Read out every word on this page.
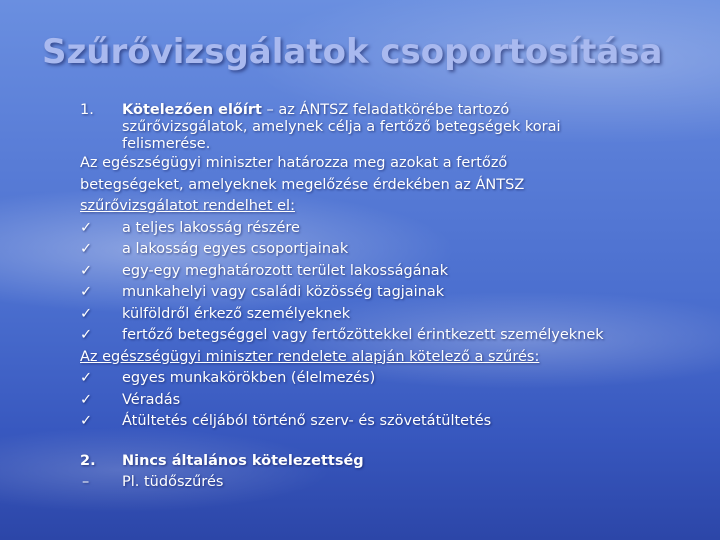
Szűrővizsgálatok csoportosítása
1.	Kötelezően előírt – az ÁNTSZ feladatkörébe tartozó
szűrővizsgálatok, amelynek célja a fertőző betegségek korai
felismerése.
Az egészségügyi miniszter határozza meg azokat a fertőző
betegségeket, amelyeknek megelőzése érdekében az ÁNTSZ
szűrővizsgálatot rendelhet el:
✓ a teljes lakosság részére
✓ a lakosság egyes csoportjainak
✓ egy-egy meghatározott terület lakosságának
✓ munkahelyi vagy családi közösség tagjainak
✓ külföldről érkező személyeknek
✓ fertőző betegséggel vagy fertőzöttekkel érintkezett személyeknek
Az egészségügyi miniszter rendelete alapján kötelező a szűrés:
✓ egyes munkakörökben (élelmezés)
✓ Véradás
✓ Átültetés céljából történő szerv- és szövetátültetés
2. Nincs általános kötelezettség
– Pl. tüdőszűrés
